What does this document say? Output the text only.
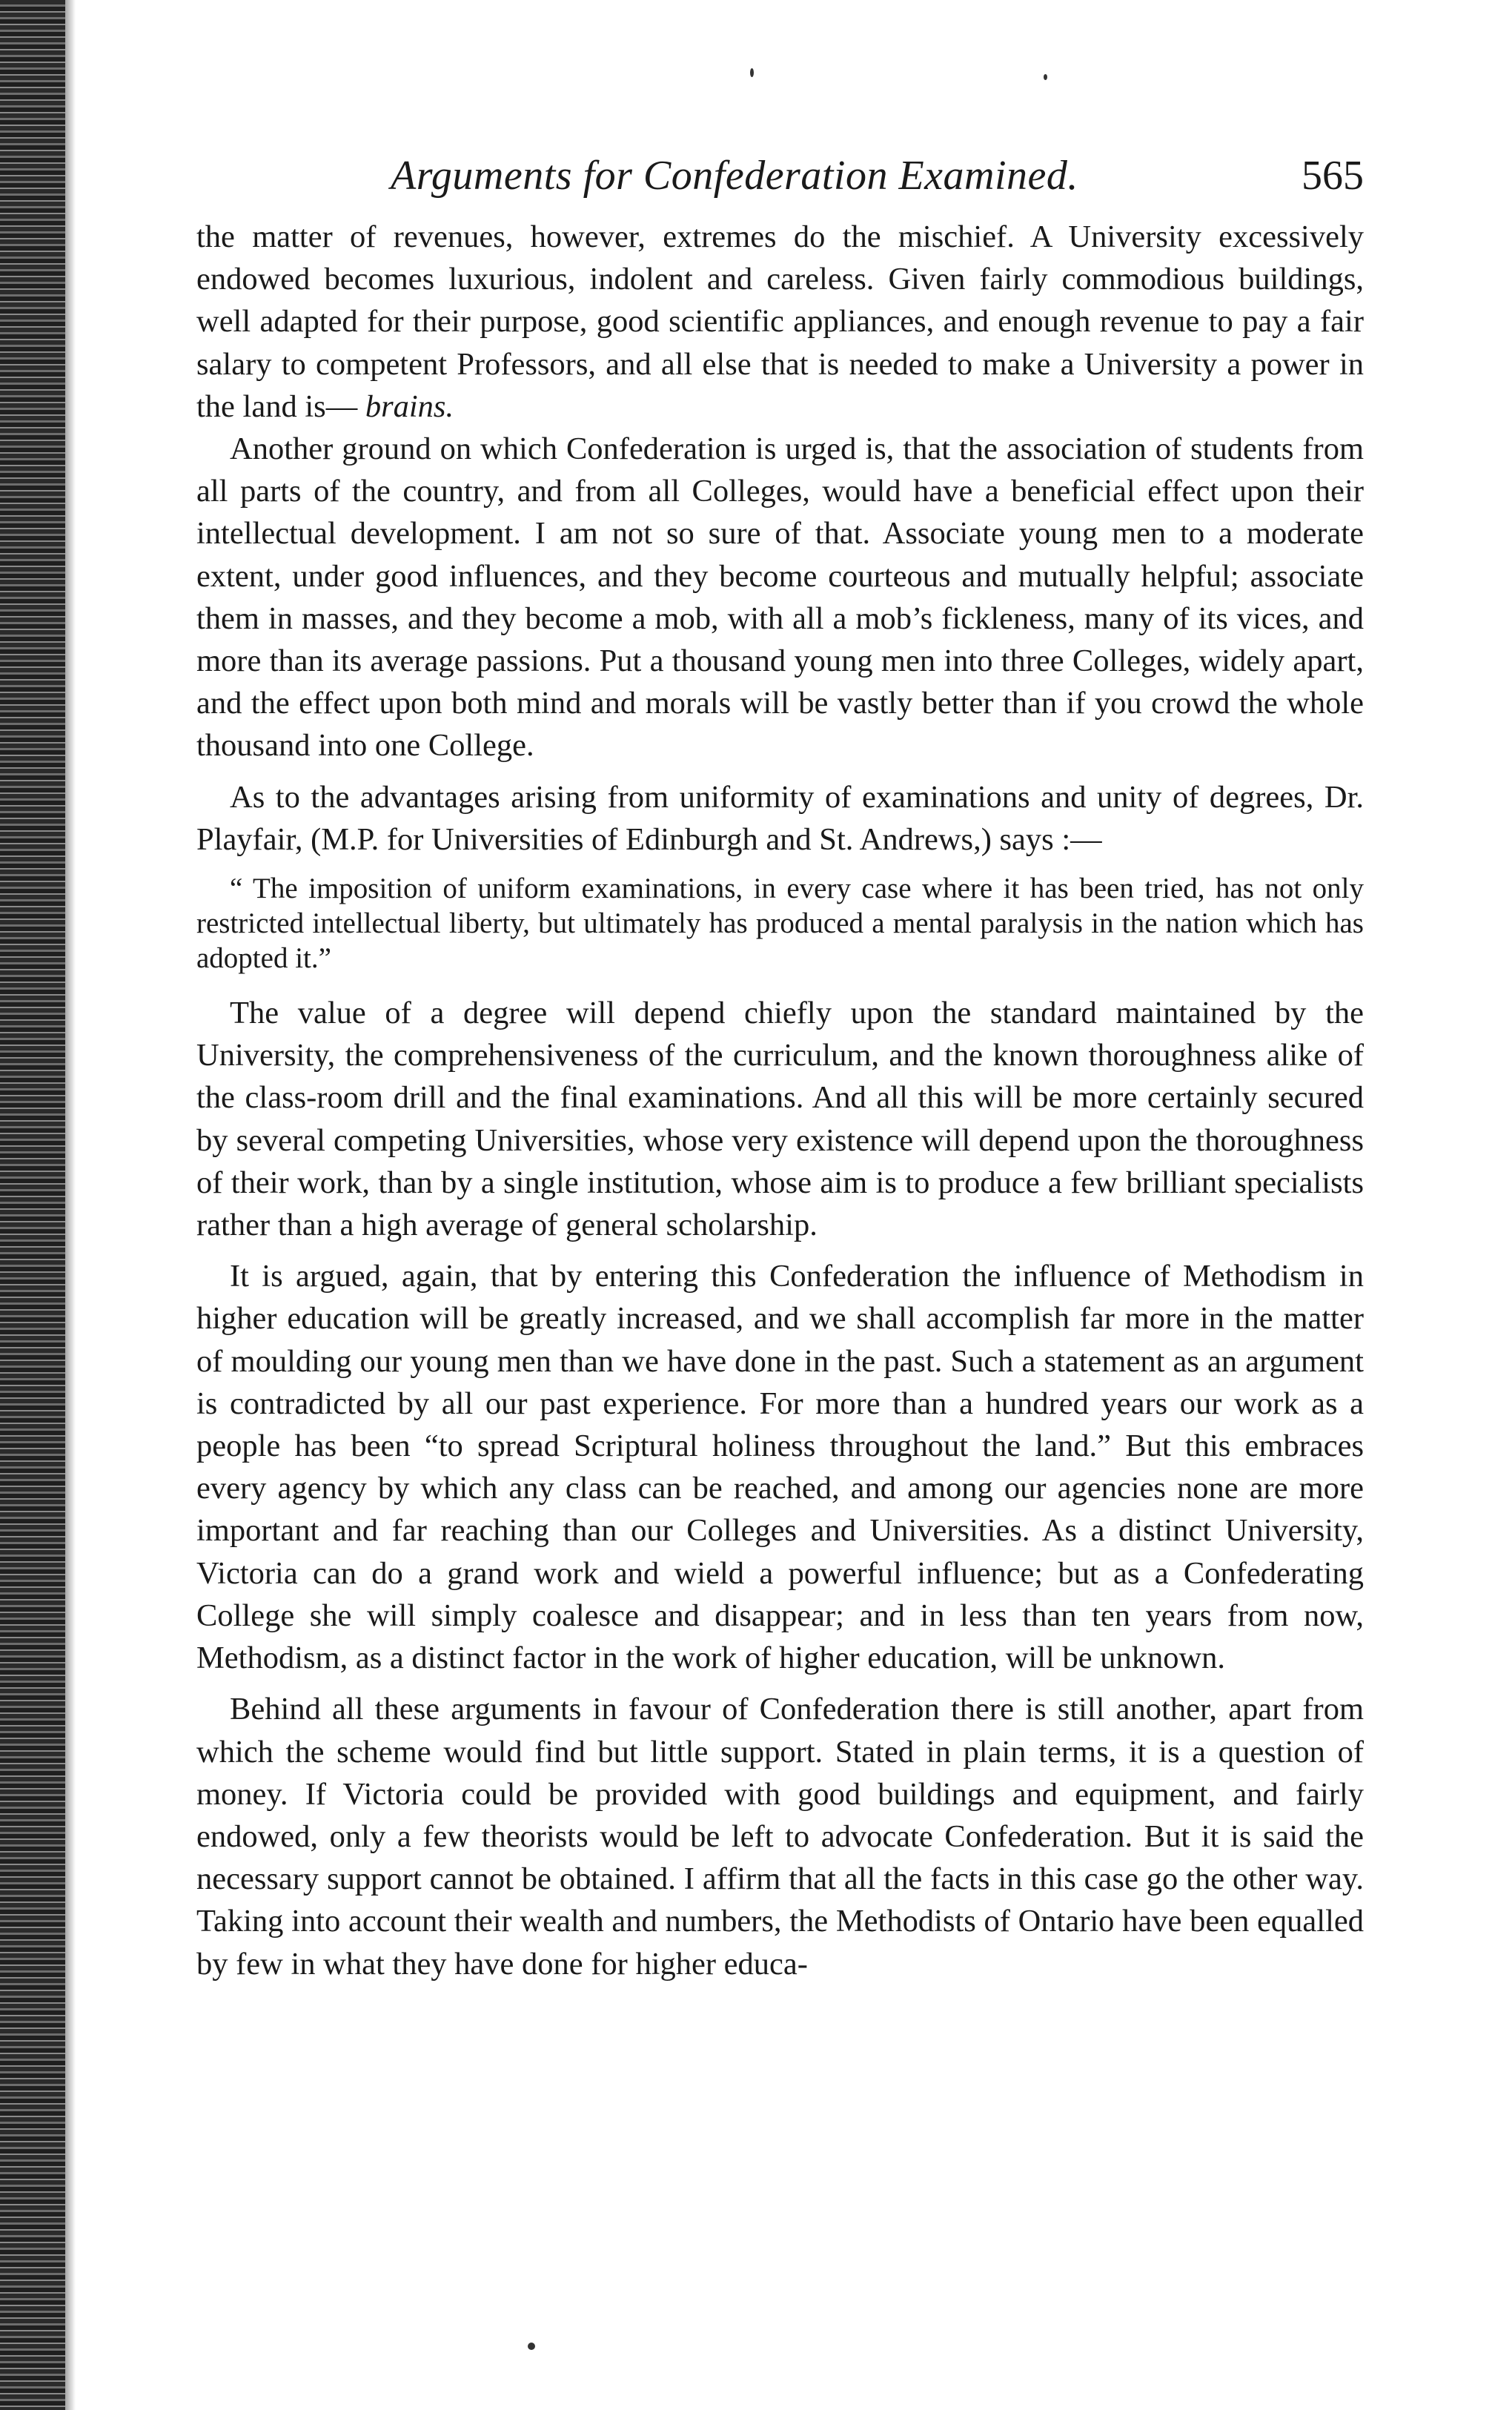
Arguments for Confederation Examined.	565

the matter of revenues, however, extremes do the mischief. A University excessively endowed becomes luxurious, indolent and careless. Given fairly commodious buildings, well adapted for their purpose, good scientific appliances, and enough revenue to pay a fair salary to competent Professors, and all else that is needed to make a University a power in the land is— brains.

Another ground on which Confederation is urged is, that the association of students from all parts of the country, and from all Colleges, would have a beneficial effect upon their intellectual development. I am not so sure of that. Associate young men to a moderate extent, under good influences, and they become courteous and mutually helpful; associate them in masses, and they become a mob, with all a mob’s fickleness, many of its vices, and more than its average passions. Put a thousand young men into three Colleges, widely apart, and the effect upon both mind and morals will be vastly better than if you crowd the whole thousand into one College.

As to the advantages arising from uniformity of examinations and unity of degrees, Dr. Playfair, (M.P. for Universities of Edinburgh and St. Andrews,) says :—

“ The imposition of uniform examinations, in every case where it has been tried, has not only restricted intellectual liberty, but ultimately has produced a mental paralysis in the nation which has adopted it.”

The value of a degree will depend chiefly upon the standard maintained by the University, the comprehensiveness of the curriculum, and the known thoroughness alike of the class-room drill and the final examinations. And all this will be more certainly secured by several competing Universities, whose very existence will depend upon the thoroughness of their work, than by a single institution, whose aim is to produce a few brilliant specialists rather than a high average of general scholarship.

It is argued, again, that by entering this Confederation the influence of Methodism in higher education will be greatly increased, and we shall accomplish far more in the matter of moulding our young men than we have done in the past. Such a statement as an argument is contradicted by all our past experience. For more than a hundred years our work as a people has been “to spread Scriptural holiness throughout the land.” But this embraces every agency by which any class can be reached, and among our agencies none are more important and far reaching than our Colleges and Universities. As a distinct University, Victoria can do a grand work and wield a powerful influence; but as a Confederating College she will simply coalesce and disappear; and in less than ten years from now, Methodism, as a distinct factor in the work of higher education, will be unknown.

Behind all these arguments in favour of Confederation there is still another, apart from which the scheme would find but little support. Stated in plain terms, it is a question of money. If Victoria could be provided with good buildings and equipment, and fairly endowed, only a few theorists would be left to advocate Confederation. But it is said the necessary support cannot be obtained. I affirm that all the facts in this case go the other way. Taking into account their wealth and numbers, the Methodists of Ontario have been equalled by few in what they have done for higher educa-
